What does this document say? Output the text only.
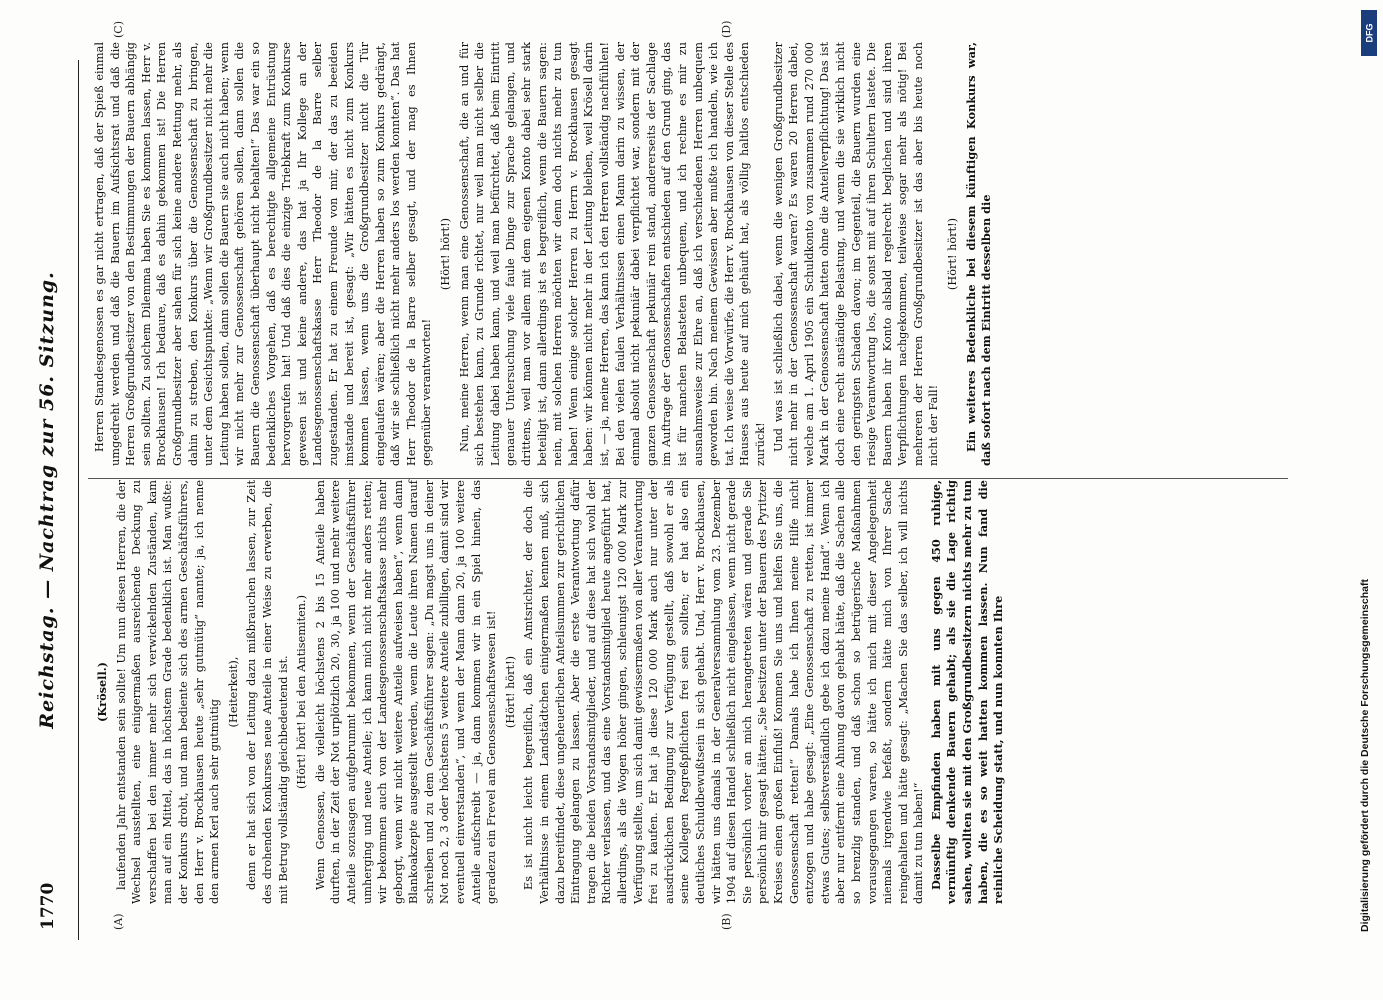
1770
Reichstag. — Nachtrag zur 56. Sitzung.
(A)	(B)
(C)	(D)

(Krösell.) laufenden Jahr entstanden sein sollte! Um nun diesen Herren, die der Wechsel ausstellten, eine einigermaßen ausreichende Deckung zu verschaffen bei den immer mehr sich verwickelnden Zuständen, kam man auf ein Mittel, das in höchstem Grade bedenklich ist. Man wußte: der Konkurs droht, und man bediente sich des armen Geschäftsführers, den Herr v. Brockhausen heute „sehr gutmütig“ nannte; ja, ich nenne den armen Kerl auch sehr gutmütig

(Heiterkeit), denn er hat sich von der Leitung dazu mißbrauchen lassen, zur Zeit des drohenden Konkurses neue Anteile in einer Weise zu erwerben, die mit Betrug vollständig gleichbedeutend ist. (Hört! hört! bei den Antisemiten.) Wenn Genossen, die vielleicht höchstens 2 bis 15 Anteile haben durften, in der Zeit der Not urplötzlich 20, 30, ja 100 und mehr weitere Anteile sozusagen aufgebrummt bekommen, wenn der Geschäftsführer umherging und neue Anteile; ich kann mich nicht mehr anders retten; wir bekommen auch von der Landesgenossenschaftskasse nichts mehr geborgt, wenn wir nicht weitere Anteile aufweisen haben“, wenn dann Blankoakzepte ausgestellt werden, wenn die Leute ihren Namen darauf schreiben und zu dem Geschäftsführer sagen: „Du magst uns in deiner Not noch 2, 3 oder höchstens 5 weitere Anteile zubilligen, damit sind wir eventuell einverstanden“, und wenn der Mann dann 20, ja 100 weitere Anteile aufschreibt — ja, dann kommen wir in ein Spiel hinein, das geradezu ein Frevel am Genossenschaftswesen ist! (Hört! hört!) Es ist nicht leicht begreiflich, daß ein Amtsrichter, der doch die Verhältnisse in einem Landstädtchen einigermaßen kennen muß, sich dazu bereitfindet, diese ungeheuerlichen Anteilsummen zur gerichtlichen Eintragung gelangen zu lassen. Aber die erste Verantwortung dafür tragen die beiden Vorstandsmitglieder, und auf diese hat sich wohl der Richter verlassen, und das eine Vorstandsmitglied heute angeführt hat, allerdings, als die Wogen höher gingen, schleunigst 120 000 Mark zur Verfügung stellte, um sich damit gewissermaßen von aller Verantwortung frei zu kaufen. Er hat ja diese 120 000 Mark auch nur unter der ausdrücklichen Bedingung zur Verfügung gestellt, daß sowohl er als seine Kollegen Regreßpflichten frei sein sollten; er hat also ein deutliches Schuldbewußtsein in sich gehabt. Und, Herr v. Brockhausen, wir hätten uns damals in der Generalversammlung vom 23. Dezember 1904 auf diesen Handel schließlich nicht eingelassen, wenn nicht gerade Sie persönlich vorher an mich herangetreten wären und gerade Sie persönlich mir gesagt hätten: „Sie besitzen unter der Bauern des Pyritzer Kreises einen großen Einfluß! Kommen Sie uns und helfen Sie uns, die Genossenschaft retten!“ Damals habe ich Ihnen meine Hilfe nicht entzogen und habe gesagt: „Eine Genossenschaft zu retten, ist immer etwas Gutes; selbstverständlich gebe ich dazu meine Hand“. Wenn ich aber nur entfernt eine Ahnung davon gehabt hätte, daß die Sachen alle so brenzlig standen, und daß schon so betrügerische Maßnahmen vorausgegangen waren, so hätte ich mich mit dieser Angelegenheit niemals irgendwie befaßt, sondern hätte mich von Ihrer Sache reingehalten und hätte gesagt: „Machen Sie das selber, ich will nichts damit zu tun haben!“ Dasselbe Empfinden haben mit uns gegen 450 ruhige, vernünftig denkende Bauern gehabt; als sie die Lage richtig sahen, wollten sie mit den Großgrundbesitzern nichts mehr zu tun haben, die es so weit hatten kommen lassen. Nun fand die reinliche Scheidung statt, und nun konnten Ihre

Herren Standesgenossen es gar nicht ertragen, daß der Spieß einmal umgedreht werden und daß die Bauern im Aufsichtsrat und daß die Herren Großgrundbesitzer von den Bestimmungen der Bauern abhängig sein sollten. Zu solchem Dilemma haben Sie es kommen lassen, Herr v. Brockhausen! Ich bedaure, daß es dahin gekommen ist! Die Herren Großgrundbesitzer aber sahen für sich keine andere Rettung mehr, als dahin zu streben, den Konkurs über die Genossenschaft zu bringen, unter dem Gesichtspunkte: „Wenn wir Großgrundbesitzer nicht mehr die Leitung haben sollen, dann sollen die Bauern sie auch nicht haben; wenn wir nicht mehr zur Genossenschaft gehören sollen, dann sollen die Bauern die Genossenschaft überhaupt nicht behalten!“ Das war ein so bedenkliches Vorgehen, daß es berechtigte allgemeine Entrüstung hervorgerufen hat! Und daß dies die einzige Triebkraft zum Konkurse gewesen ist und keine andere, das hat ja Ihr Kollege an der Landesgenossenschaftskasse Herr Theodor de la Barre selber zugestanden. Er hat zu einem Freunde von mir, der das zu beeiden imstande und bereit ist, gesagt: „Wir hätten es nicht zum Konkurs kommen lassen, wenn uns die Großgrundbesitzer nicht die Tür eingelaufen wären; aber die Herren haben so zum Konkurs gedrängt, daß wir sie schließlich nicht mehr anders los werden konnten“. Das hat Herr Theodor de la Barre selber gesagt, und der mag es Ihnen gegenüber verantworten!

(Hört! hört!) Nun, meine Herren, wenn man eine Genossenschaft, die an und für sich bestehen kann, zu Grunde richtet, nur weil man nicht selber die Leitung dabei haben kann, und weil man befürchtet, daß beim Eintritt genauer Untersuchung viele faule Dinge zur Sprache gelangen, und drittens, weil man vor allem mit dem eigenen Konto dabei sehr stark beteiligt ist, dann allerdings ist es begreiflich, wenn die Bauern sagen: nein, mit solchen Herren möchten wir denn doch nichts mehr zu tun haben! Wenn einige solcher Herren zu Herrn v. Brockhausen gesagt haben: wir können nicht mehr in der Leitung bleiben, weil Krösell darin ist, — ja, meine Herren, das kann ich den Herren vollständig nachfühlen! Bei den vielen faulen Verhältnissen einen Mann darin zu wissen, der einmal absolut nicht pekuniär dabei verpflichtet war, sondern mit der ganzen Genossenschaft pekuniär rein stand, andererseits der Sachlage im Auftrage der Genossenschaften entschieden auf den Grund ging, das ist für manchen Belasteten unbequem, und ich rechne es mir zu ausnahmsweise zur Ehre an, daß ich verschiedenen Herren unbequem geworden bin. Nach meinem Gewissen aber mußte ich handeln, wie ich tat. Ich weise die Vorwürfe, die Herr v. Brockhausen von dieser Stelle des Hauses aus heute auf mich gehäuft hat, als völlig haltlos entschieden zurück! Und was ist schließlich dabei, wenn die wenigen Großgrundbesitzer nicht mehr in der Genossenschaft waren? Es waren 20 Herren dabei, welche am 1. April 1905 ein Schuldkonto von zusammen rund 270 000 Mark in der Genossenschaft hatten ohne die Anteilverpflichtung! Das ist doch eine recht anständige Belastung, und wenn die sie wirklich nicht den geringsten Schaden davon; im Gegenteil, die Bauern wurden eine riesige Verantwortung los, die sonst mit auf ihren Schultern lastete. Die Bauern haben ihr Konto alsbald regelrecht beglichen und sind ihren Verpflichtungen nachgekommen, teilweise sogar mehr als nötig! Bei mehreren der Herren Großgrundbesitzer ist das aber bis heute noch nicht der Fall!

(Hört! hört!) Ein weiteres Bedenkliche bei diesem künftigen Konkurs war, daß sofort nach dem Eintritt desselben die

DFG
Digitalisierung gefördert durch die Deutsche Forschungsgemeinschaft
